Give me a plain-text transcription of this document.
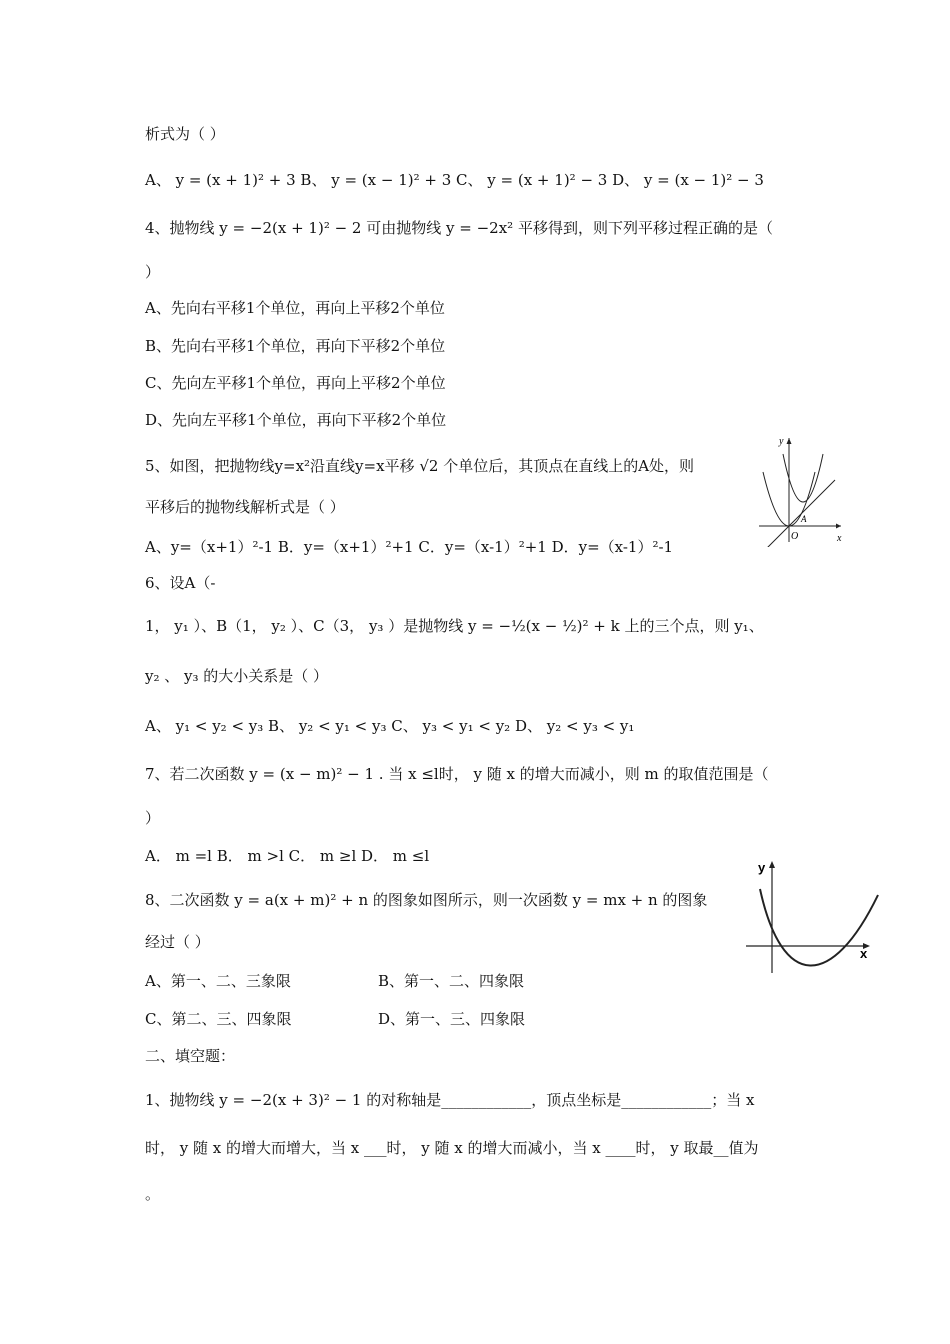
析式为（ ）
A、 y = (x + 1)² + 3 B、 y = (x − 1)² + 3 C、 y = (x + 1)² − 3 D、 y = (x − 1)² − 3
4、抛物线 y = −2(x + 1)² − 2 可由抛物线 y = −2x² 平移得到，则下列平移过程正确的是（
）
A、先向右平移1个单位，再向上平移2个单位
B、先向右平移1个单位，再向下平移2个单位
C、先向左平移1个单位，再向上平移2个单位
D、先向左平移1个单位，再向下平移2个单位
5、如图，把抛物线y=x²沿直线y=x平移 √2 个单位后，其顶点在直线上的A处，则
平移后的抛物线解析式是（ ）
A、y=（x+1）²-1 B．y=（x+1）²+1 C．y=（x-1）²+1 D．y=（x-1）²-1
6、设A（-
1， y₁ ）、B（1， y₂ ）、C（3， y₃ ）是抛物线 y = −½(x − ½)² + k 上的三个点，则 y₁、
y₂ 、 y₃ 的大小关系是（ ）
A、 y₁ < y₂ < y₃ B、 y₂ < y₁ < y₃ C、 y₃ < y₁ < y₂ D、 y₂ < y₃ < y₁
7、若二次函数 y = (x − m)² − 1 . 当 x ≤l时， y 随 x 的增大而减小，则 m 的取值范围是（
）
A． m =l B． m >l C． m ≥l D． m ≤l
8、二次函数 y = a(x + m)² + n 的图象如图所示，则一次函数 y = mx + n 的图象
经过（ ）
A、第一、二、三象限	B、第一、二、四象限
C、第二、三、四象限	D、第一、三、四象限
二、填空题：
1、抛物线 y = −2(x + 3)² − 1 的对称轴是____________，顶点坐标是____________；当 x
时， y 随 x 的增大而增大，当 x ___时， y 随 x 的增大而减小，当 x ____时， y 取最__值为
。
x
y
O
A
x
y
